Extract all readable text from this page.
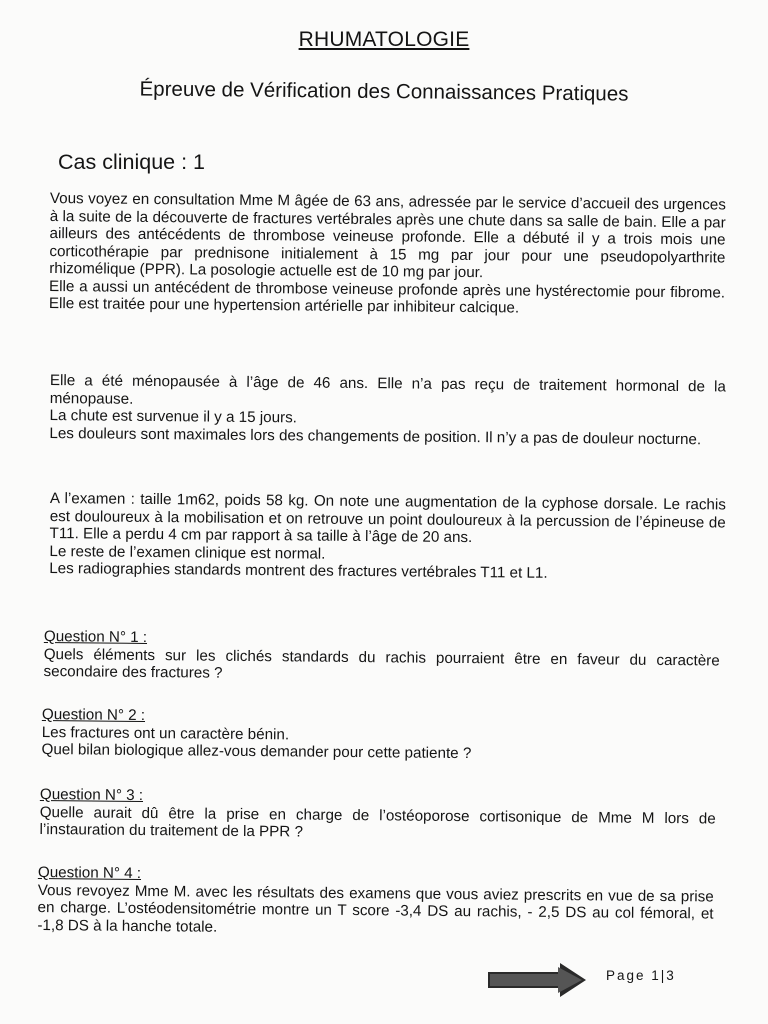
RHUMATOLOGIE
Épreuve de Vérification des Connaissances Pratiques
Cas clinique : 1

Vous voyez en consultation Mme M âgée de 63 ans, adressée par le service d’accueil des urgences à la suite de la découverte de fractures vertébrales après une chute dans sa salle de bain. Elle a par ailleurs des antécédents de thrombose veineuse profonde. Elle a débuté il y a trois mois une corticothérapie par prednisone initialement à 15 mg par jour pour une pseudopolyarthrite rhizomélique (PPR). La posologie actuelle est de 10 mg par jour.

Elle a aussi un antécédent de thrombose veineuse profonde après une hystérectomie pour fibrome. Elle est traitée pour une hypertension artérielle par inhibiteur calcique.

Elle a été ménopausée à l’âge de 46 ans. Elle n’a pas reçu de traitement hormonal de la ménopause.

La chute est survenue il y a 15 jours.

Les douleurs sont maximales lors des changements de position. Il n’y a pas de douleur nocturne.

A l’examen : taille 1m62, poids 58 kg. On note une augmentation de la cyphose dorsale. Le rachis est douloureux à la mobilisation et on retrouve un point douloureux à la percussion de l’épineuse de T11. Elle a perdu 4 cm par rapport à sa taille à l’âge de 20 ans.

Le reste de l’examen clinique est normal.

Les radiographies standards montrent des fractures vertébrales T11 et L1.

Question N° 1 :

Quels éléments sur les clichés standards du rachis pourraient être en faveur du caractère secondaire des fractures ?

Question N° 2 :

Les fractures ont un caractère bénin.

Quel bilan biologique allez-vous demander pour cette patiente ?

Question N° 3 :

Quelle aurait dû être la prise en charge de l’ostéoporose cortisonique de Mme M lors de l’instauration du traitement de la PPR ?

Question N° 4 :

Vous revoyez Mme M. avec les résultats des examens que vous aviez prescrits en vue de sa prise en charge. L’ostéodensitométrie montre un T score -3,4 DS au rachis, - 2,5 DS au col fémoral, et -1,8 DS à la hanche totale.

Page 1|3
